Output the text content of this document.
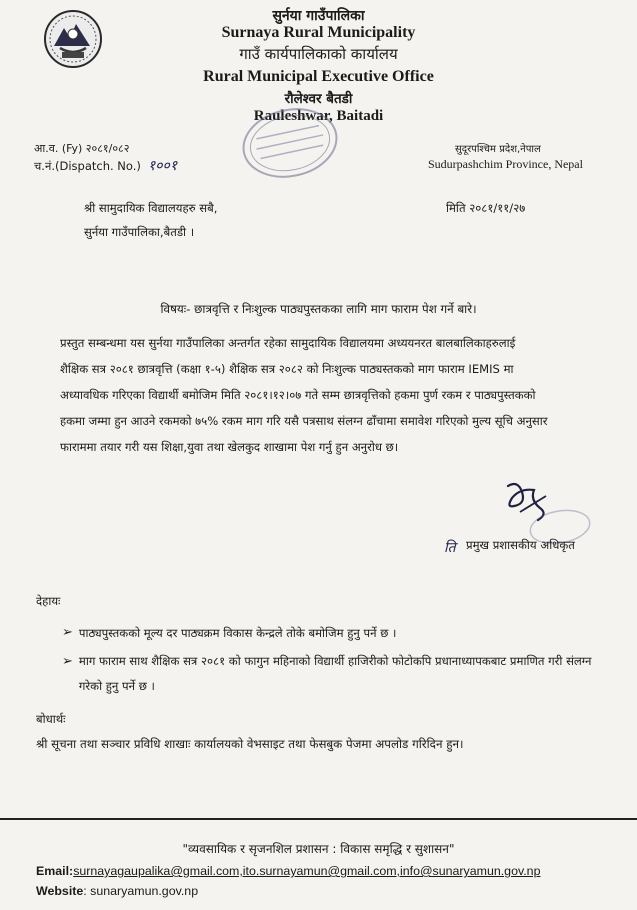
सुर्नया गाउँपालिका
Surnaya Rural Municipality
गाउँ कार्यपालिकाको कार्यालय
Rural Municipal Executive Office
रौलेश्वर बैतडी
Rauleshwar, Baitadi
आ.व. (Fy) २०८१/०८२
च.नं.(Dispatch. No.) १००१
सुदूरपश्चिम प्रदेश,नेपाल
Sudurpashchim Province, Nepal
श्री सामुदायिक विद्यालयहरु सबै,
सुर्नया गाउँपालिका,बैतडी ।
मिति २०८१/११/२७
विषयः- छात्रवृत्ति र निःशुल्क पाठ्यपुस्तकका लागि माग फाराम पेश गर्ने बारे।
प्रस्तुत सम्बन्धमा यस सुर्नया गाउँपालिका अन्तर्गत रहेका सामुदायिक विद्यालयमा अध्ययनरत बालबालिकाहरुलाई
शैक्षिक सत्र २०८१ छात्रवृत्ति (कक्षा १-५) शैक्षिक सत्र २०८२ को निःशुल्क पाठ्यस्तकको माग फाराम IEMIS मा
अध्यावधिक गरिएका विद्यार्थी बमोजिम मिति २०८१।१२।०७ गते सम्म छात्रवृत्तिको हकमा पुर्ण रकम र पाठ्यपुस्तकको
हकमा जम्मा हुन आउने रकमको ७५% रकम माग गरि यसै पत्रसाथ संलग्न ढाँचामा समावेश गरिएको मुल्य सूचि अनुसार
फाराममा तयार गरी यस शिक्षा,युवा तथा खेलकुद शाखामा पेश गर्नु हुन अनुरोध छ।
ति प्रमुख प्रशासकीय अधिकृत
देहायः
➢ पाठ्यपुस्तकको मूल्य दर पाठ्यक्रम विकास केन्द्रले तोके बमोजिम हुनु पर्ने छ ।
➢ माग फाराम साथ शैक्षिक सत्र २०८१ को फागुन महिनाको विद्यार्थी हाजिरीको फोटोकपि प्रधानाध्यापकबाट प्रमाणित गरी संलग्न गरेको हुनु पर्ने छ ।
बोधार्थः
श्री सूचना तथा सञ्चार प्रविधि शाखाः कार्यालयको वेभसाइट तथा फेसबुक पेजमा अपलोड गरिदिन हुन।
"व्यवसायिक र सृजनशिल प्रशासन : विकास समृद्धि र सुशासन"
Email:surnayagaupalika@gmail.com,ito.surnayamun@gmail.com,info@sunaryamun.gov.np
Website: sunaryamun.gov.np
